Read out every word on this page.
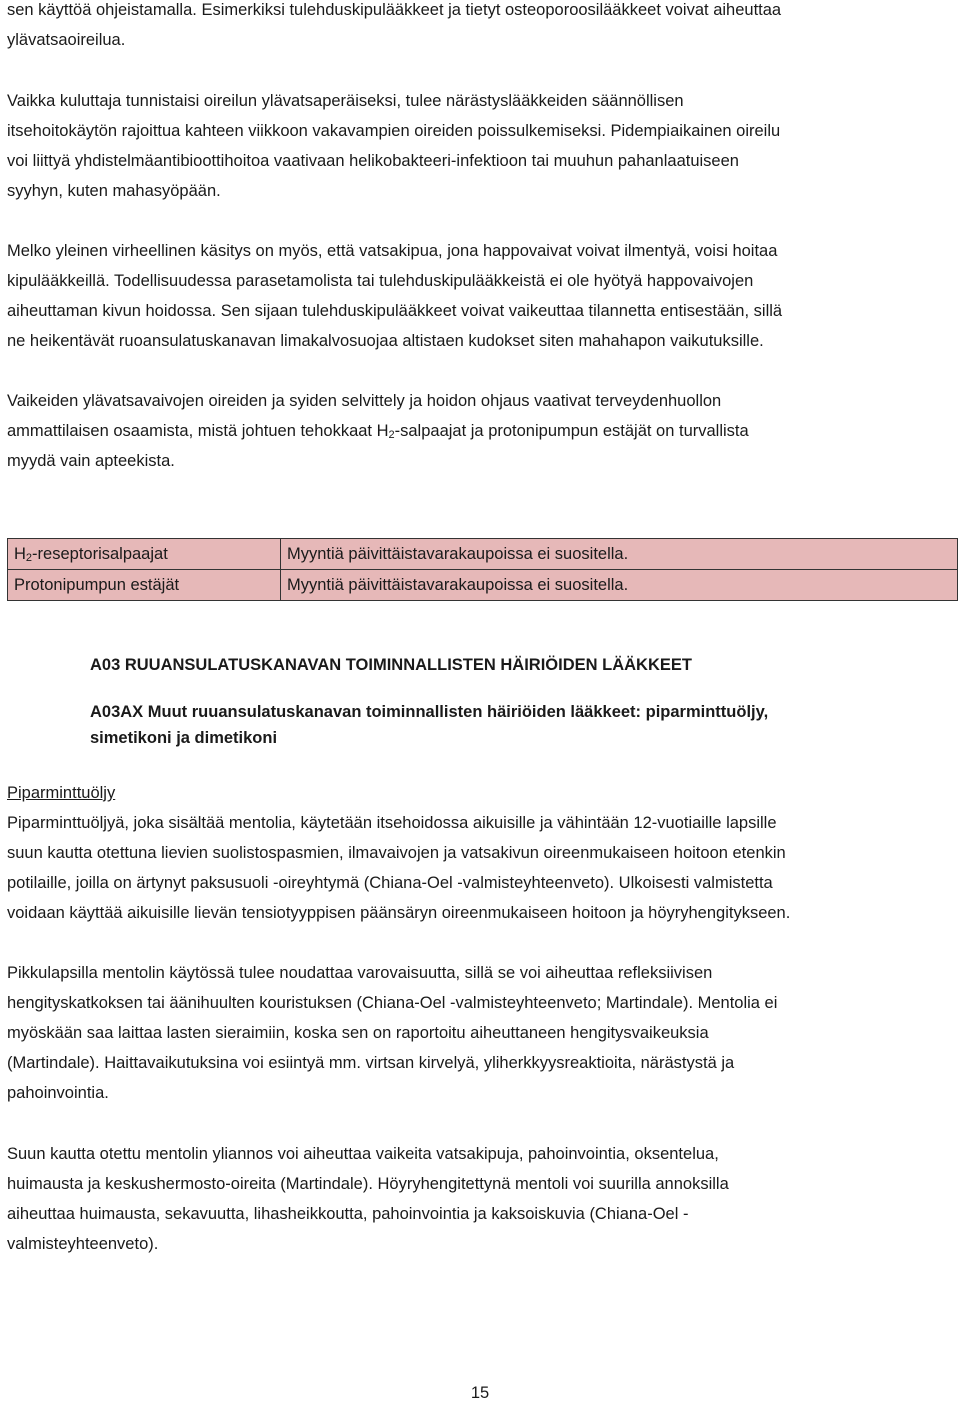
sen käyttöä ohjeistamalla. Esimerkiksi tulehduskipulääkkeet ja tietyt osteoporoosilääkkeet voivat aiheuttaa

ylävatsaoireilua.

Vaikka kuluttaja tunnistaisi oireilun ylävatsaperäiseksi, tulee närästyslääkkeiden säännöllisen

itsehoitokäytön rajoittua kahteen viikkoon vakavampien oireiden poissulkemiseksi. Pidempiaikainen oireilu

voi liittyä yhdistelmäantibioottihoitoa vaativaan helikobakteeri-infektioon tai muuhun pahanlaatuiseen

syyhyn, kuten mahasyöpään.

Melko yleinen virheellinen käsitys on myös, että vatsakipua, jona happovaivat voivat ilmentyä, voisi hoitaa

kipulääkkeillä. Todellisuudessa parasetamolista tai tulehduskipulääkkeistä ei ole hyötyä happovaivojen

aiheuttaman kivun hoidossa. Sen sijaan tulehduskipulääkkeet voivat vaikeuttaa tilannetta entisestään, sillä

ne heikentävät ruoansulatuskanavan limakalvosuojaa altistaen kudokset siten mahahapon vaikutuksille.

Vaikeiden ylävatsavaivojen oireiden ja syiden selvittely ja hoidon ohjaus vaativat terveydenhuollon

ammattilaisen osaamista, mistä johtuen tehokkaat $H_2$-salpaajat ja protonipumpun estäjät on turvallista

myydä vain apteekista.

$H_2$-reseptorisalpaajat	Myyntiä päivittäistavarakaupoissa ei suositella.
Protonipumpun estäjät	Myyntiä päivittäistavarakaupoissa ei suositella.
A03 RUUANSULATUSKANAVAN TOIMINNALLISTEN HÄIRIÖIDEN LÄÄKKEET

A03AX Muut ruuansulatuskanavan toiminnallisten häiriöiden lääkkeet: piparminttuöljy,

simetikoni ja dimetikoni

Piparminttuöljy

Piparminttuöljyä, joka sisältää mentolia, käytetään itsehoidossa aikuisille ja vähintään 12-vuotiaille lapsille

suun kautta otettuna lievien suolistospasmien, ilmavaivojen ja vatsakivun oireenmukaiseen hoitoon etenkin

potilaille, joilla on ärtynyt paksusuoli -oireyhtymä (Chiana-Oel -valmisteyhteenveto). Ulkoisesti valmistetta

voidaan käyttää aikuisille lievän tensiotyyppisen päänsäryn oireenmukaiseen hoitoon ja höyryhengitykseen.

Pikkulapsilla mentolin käytössä tulee noudattaa varovaisuutta, sillä se voi aiheuttaa refleksiivisen

hengityskatkoksen tai äänihuulten kouristuksen (Chiana-Oel -valmisteyhteenveto; Martindale). Mentolia ei

myöskään saa laittaa lasten sieraimiin, koska sen on raportoitu aiheuttaneen hengitysvaikeuksia

(Martindale). Haittavaikutuksina voi esiintyä mm. virtsan kirvelyä, yliherkkyysreaktioita, närästystä ja

pahoinvointia.

Suun kautta otettu mentolin yliannos voi aiheuttaa vaikeita vatsakipuja, pahoinvointia, oksentelua,

huimausta ja keskushermosto-oireita (Martindale). Höyryhengitettynä mentoli voi suurilla annoksilla

aiheuttaa huimausta, sekavuutta, lihasheikkoutta, pahoinvointia ja kaksoiskuvia (Chiana-Oel -

valmisteyhteenveto).

15
